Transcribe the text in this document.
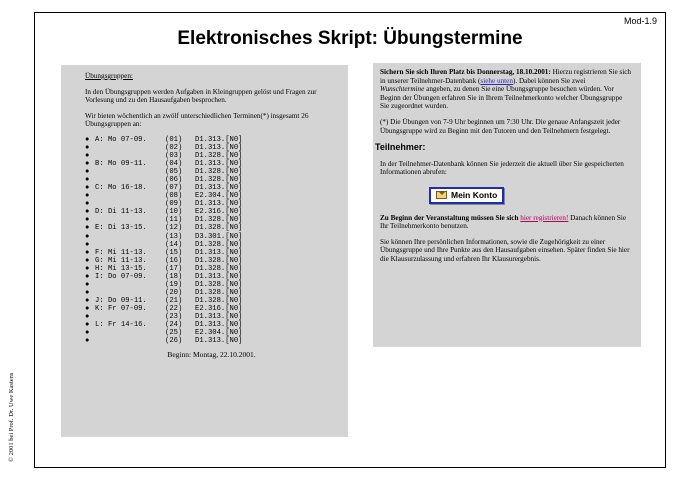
Mod-1.9
Elektronisches Skript: Übungstermine

Übungsgruppen:

In den Übungsgruppen werden Aufgaben in Kleingruppen gelöst und Fragen zur Vorlesung und zu den Hausaufgaben besprochen.

Wir bieten wöchentlich an zwölf unterschiedlichen Terminen(*) insgesamt 26 Übungsgruppen an:

● A: Mo 07-09.	(01)	D1.313.[N0]
●	(02)	D1.313.[N0]
●	(03)	D1.328.[N0]
● B: Mo 09-11.	(04)	D1.313.[N0]
●	(05)	D1.328.[N0]
●	(06)	D1.328.[N0]
● C: Mo 16-18.	(07)	D1.313.[N0]
●	(08)	E2.304.[N0]
●	(09)	D1.313.[N0]
● D: Di 11-13.	(10)	E2.316.[N0]
●	(11)	D1.328.[N0]
● E: Di 13-15.	(12)	D1.328.[N0]
●	(13)	D3.301.[N0]
●	(14)	D1.328.[N0]
● F: Mi 11-13.	(15)	D1.313.[N0]
● G: Mi 11-13.	(16)	D1.328.[N0]
● H: Mi 13-15.	(17)	D1.328.[N0]
● I: Do 07-09.	(18)	D1.313.[N0]
●	(19)	D1.328.[N0]
●	(20)	D1.328.[N0]
● J: Do 09-11.	(21)	D1.328.[N0]
● K: Fr 07-09.	(22)	E2.316.[N0]
●	(23)	D1.313.[N0]
● L: Fr 14-16.	(24)	D1.313.[N0]
●	(25)	E2.304.[N0]
●	(26)	D1.313.[N0]
Beginn: Montag, 22.10.2001.

Sichern Sie sich Ihren Platz bis Donnerstag, 18.10.2001: Hierzu registrieren Sie sich in unserer Teilnehmer-Datenbank (siehe unten). Dabei können Sie zwei Wunschtermine angeben, zu denen Sie eine Übungsgruppe besuchen würden. Vor Beginn der Übungen erfahren Sie in Ihrem Teilnehmerkonto welcher Übungsgruppe Sie zugeordnet wurden.

(*) Die Übungen von 7-9 Uhr beginnen um 7:30 Uhr. Die genaue Anfangszeit jeder Übungsgruppe wird zu Beginn mit den Tutoren und den Teilnehmern festgelegt.

Teilnehmer:

In der Teilnehmer-Datenbank können Sie jederzeit die aktuell über Sie gespeicherten Informationen abrufen:

Mein Konto

Zu Beginn der Veranstaltung müssen Sie sich hier registrieren! Danach können Sie Ihr Teilnehmerkonto benutzen.

Sie können Ihre persönlichen Informationen, sowie die Zugehörigkeit zu einer Übungsgruppe und Ihre Punkte aus den Hausaufgaben einsehen. Später finden Sie hier die Klausurzulassung und erfahren Ihr Klausurergebnis.

© 2001 bei Prof. Dr. Uwe Kastens
